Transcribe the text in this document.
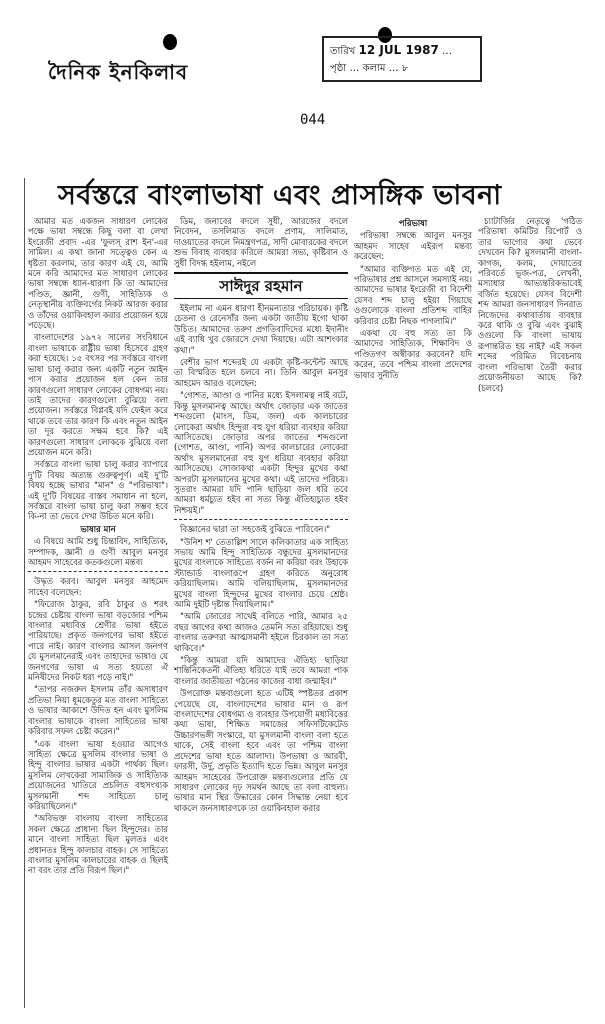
দৈনিক ইনকিলাব
তারিখ 12 JUL 1987 …
পৃষ্ঠা … কলাম … ৮
044
সর্বস্তরে বাংলাভাষা এবং প্রাসঙ্গিক ভাবনা

আমার মত একজন সাধারণ লোকের পক্ষে ভাষা সম্বন্ধে কিছু বলা বা লেখা ইংরেজী প্রবাদ -এর 'ফুলস্‌ রাশ ইন'-এর সামিল। এ কথা জানা সত্ত্বেও কেন এ ধৃষ্টতা করলাম, তার কারণ এই যে, আমি মনে করি আমাদের মত সাধারণ লোকের ভাষা সম্বন্ধে ধ্যান-ধারণা কি তা আমাদের পণ্ডিত, জ্ঞানী, গুণী, সাহিত্যিক ও নেতৃস্থানীয় ব্যক্তিবর্গের নিকট আরজ করার ও তাঁদের ওয়াকিবহাল করার প্রয়োজন হয়ে পড়েছে।

বাংলাদেশের ১৯৭২ সালের সংবিধানে বাংলা ভাষাকে রাষ্ট্রীয় ভাষা হিসেবে গ্রহণ করা হয়েছে। ১৫ বৎসর পর সর্বস্তরে বাংলা ভাষা চালু করার জন্য একটি নতুন আইন পাস করার প্রয়োজন হল কেন তার কারণগুলো সাধারণ লোকের বোধগম্য নয়। তাই তাদের কারণগুলো বুঝিয়ে বলা প্রয়োজন। সর্বস্তরে বিপ্লবই যদি ফেইল করে থাকে তবে তার কারণ কি এবং নতুন আইন তা দূর করতে সক্ষম হবে কি? এই কারণগুলো সাধারণ লোককে বুঝিয়ে বলা প্রয়োজন মনে করি।

সর্বস্তরে বাংলা ভাষা চালু করার ব্যাপারে দু'টি বিষয় অত্যন্ত গুরুত্বপূর্ণ। এই দু'টি বিষয় হচ্ছে ভাষার "মান" ও "পরিভাষা"। এই দু'টি বিষয়ের বাস্তব সমাধান না হলে, সর্বস্তরে বাংলা ভাষা চালু করা সম্ভব হবে কি-না তা ভেবে দেখা উচিত মনে করি।

ভাষার মান

এ বিষয়ে আমি শুধু চিন্তাবিদ, সাহিত্যিক, সম্পাদক, জ্ঞানী ও গুণী আবুল মনসুর আহমদ সাহেবের কতকগুলো মন্তব্য

উদ্ধৃত করব। আবুল মনসুর আহমেদ সাহেব বলেছেন:

"ফিরোজ ঠাকুর, রবি ঠাকুর ও শরৎ চন্দ্রের চেষ্টায় বাংলা ভাষা বড়জোর পশ্চিম বাংলার মধ্যবিত্ত শ্রেণীর ভাষা হইতে পারিয়াছে। প্রকৃত জনগণের ভাষা হইতে পারে নাই। কারণ বাংলার আসল জনগণ যে মুসলমানেরাই এবং তাহাদের ভাষাও যে জনগণের ভাষা এ সত্য হয়তো ঐ মনিষীদের নিকট ধরা পড়ে নাই।"

"তাপর নজরুল ইসলাম তাঁর অসাধারণ প্রতিভা নিয়া ধূমকেতুর মত বাংলা সাহিত্যে ও ভাষার আকাশে উদিত হন এবং মুসলিম বাংলার ভাষাকে বাংলা সাহিত্যের ভাষা করিবার সফল চেষ্টা করেন।"

"এক বাংলা ভাষা হওয়ার আগেও সাহিত্য ক্ষেত্রে মুসলিম বাংলার ভাষা ও হিন্দু বাংলার ভাষার একটা পার্থক্য ছিল। মুসলিম লেখকেরা সামাজিক ও সাহিত্যিক প্রয়োজনের খাতিরে প্রচলিত বহুসংখ্যক মুসলমানী শব্দ সাহিত্যে চালু করিয়াছিলেন।"

"অবিভক্ত বাংলায় বাংলা সাহিত্যের সকল ক্ষেত্রে প্রাধান্য ছিল হিন্দুদের। তার মানে বাংলা সাহিত্য ছিল মুলতঃ এবং প্রধানতঃ হিন্দু কালচার বাহক। সে সাহিত্যে বাংলার মুসলিম কালচারের বাহক ও ছিলই না বরং তার প্রতি বিরূপ ছিল।"

ডিম, জনাবের বদলে সুধী, আরজের বদলে নিবেদন, তসলিমাত বদলে প্রণাম, সালিমাত, দাওয়াতের বদলে নিমন্ত্রণপত্র, সাদী মোবারকের বদলে শুভ বিবাহ ব্যবহার করিলে আমরা সভ্য, কৃষ্টিবান ও সুধী বিদগ্ধ হইলাম, নইলে

সাঈদুর রহমান

ইইলাম না এমন ধারণা হীনমন্যতার পরিচায়ক। কৃষ্টি চেতনা ও রেনেসাঁর জন্য একটা জাতীয় ইগো থাকা উচিত। আমাদের তরুণ প্রগতিবাদিদের মধ্যে ইদানীং এই ব্যাধি খুব জোরসে দেখা দিয়াছে। এটা আশংকার কথা।"

বেশীর ভাগ শব্দেরই যে একটা কৃষ্টি-কন্টেন্ট আছে তা বিস্মরিত হলে চলবে না। তিনি আবুল মনসুর আহমেদ আরও বলেছেন:

"গোশত, আণ্ডা ও পানির মধ্যে ইসলামত্ব নাই বটে, কিন্তু মুসলমানত্ব আছে। অর্থাৎ জোড়ার এক জাতের শব্দগুলো (মাংস, ডিম, জল) এক কালচারের লোকেরা অর্থাৎ হিন্দুরা বহু যুগ ধরিয়া ব্যবহার করিয়া আসিতেছে। জোড়ার অপর জাতের শব্দগুলো (গোশত, আণ্ডা, পানি) অপর কালচারের লোকেরা অর্থাৎ মুসলমানেরা বহু যুগ ধরিয়া ব্যবহার করিয়া আসিতেছে। সোজাকথা একটা হিন্দুর মুখের কথা অপরটা মুসলমানের মুখের কথা। এই তাদের পরিচয়। সুতরাং আমরা যদি পানি ছাড়িয়া জল ধরি তবে আমরা ধর্মচ্যুত হইব না সত্য কিন্তু ঐতিহ্যচ্যুত হইব নিশ্চয়ই।"

বিজ্ঞানের দ্বারা তা সহজেই বুঝিতে পারিবেন।"

"উনিশ শ' তেতাল্লিশ সালে কলিকাতার এক সাহিত্য সভায় আমি হিন্দু সাহিত্যিক বন্ধুদের মুসলমানদের মুখের বাংলাকে সাহিত্যে বর্জন না করিয়া বরং উহাকে স্ট্যান্ডার্ড বাংলারূপে গ্রহণ করিতে অনুরোধ করিয়াছিলাম। আমি বলিয়াছিলাম, মুসলমানদের মুখের বাংলা হিন্দুদের মুখের বাংলার চেয়ে শ্রেষ্ঠ। আমি দুইটি দৃষ্টান্ত দিয়াছিলাম।"

"আমি জোরের সাথেই বলিতে পারি, আমার ২৫ বছর আগের কথা আজও তেমনি সত্য রহিয়াছে। শুধু বাংলার তরুণরা আত্মসমানী হইলে চিরকাল তা সত্য থাকিবে।"

"কিন্তু আমরা যদি আমাদের ঐতিহ্য ছাড়িয়া শান্তিনিকেতনী ঐতিহ্য ধরিতে যাই তবে আমরা পাক বাংলার জাতীয়তা গঠনের কাজের বাধা জন্মাইব।"

উপরোক্ত মন্তব্যগুলো হতে এটিই স্পষ্টতর প্রকাশ পেয়েছে যে, বাংলাদেশের ভাষার মান ও রূপ বাংলাদেশের বোধগম্য ও ব্যবহার উপযোগী মধ্যবিত্তের কথ্য ভাষা, শিক্ষিত সমাজের সফিসটিকেটেড উচ্চারণভঙ্গী সংস্কারে, যা মুসলমানী বাংলা বলা হতে থাকে, সেই বাংলা হবে এবং তা পশ্চিম বাংলা প্রদেশের ভাষা হতে আলাদা। উপভাষা ও আরবী, ফারসী, উর্দু, প্রভৃতি ইত্যাদি হতে ভিন্ন। আবুল মনসুর আহমদ সাহেবের উপরোক্ত মন্তব্যগুলোর প্রতি যে সাধারণ লোকের দৃঢ় সমর্থন আছে তা বলা বাহুল্য। ভাষার মান স্থির উদ্ধারের কোন সিদ্ধান্ত নেয়া হবে থাকলে জনসাধারণকে তা ওয়াকিবহাল করার

পরিভাষা

পরিভাষা সম্বন্ধে আবুল মনসুর আহমদ সাহেব এইরূপ মন্তব্য করেছেন:

"আমার ব্যক্তিগত মত এই যে, পরিভাষার প্রশ্ন আসলে সমস্যাই নয়। আমাদের ভাষার ইংরেজী বা বিদেশী যেসব শব্দ চালু হইয়া গিয়াছে ওগুলোকে বাংলা প্রতিশব্দ বাহির করিবার চেষ্টা নিছক পাগলামি।"

একথা যে বহু সত্য তা কি আমাদের সাহিত্যিক, শিক্ষাবিদ ও পণ্ডিতগণ অস্বীকার করবেন? যদি করেন, তবে পশ্চিম বাংলা প্রদেশের ভাষার সুনীতি

চ্যাটার্জির নেতৃত্বে 'গঠিত পরিভাষা কমিটির রিপোর্ট ও তার ভাগ্যের কথা ভেবে দেখবেন কি? মুসলমানী বাংলা-কাগজ, কলম, দোয়াতের পরিবর্তে ভূজ-পত্র, লেখনী, মস্যাধার আভ্যন্তরিকভাবেই বর্জিত হয়েছে। যেসব বিদেশী শব্দ আমরা জনসাধারণ দিনরাত নিজেদের কথাবার্তায় ব্যবহার করে থাকি ও বুঝি এবং বুঝাই ওগুলো কি বাংলা ভাষায় রূপান্তরিত হয় নাই? এই সকল শব্দের পরিমিত বিবেচনায় বাংলা পরিভাষা তৈরী করার প্রয়োজনীয়তা আছে কি? (চলবে)
